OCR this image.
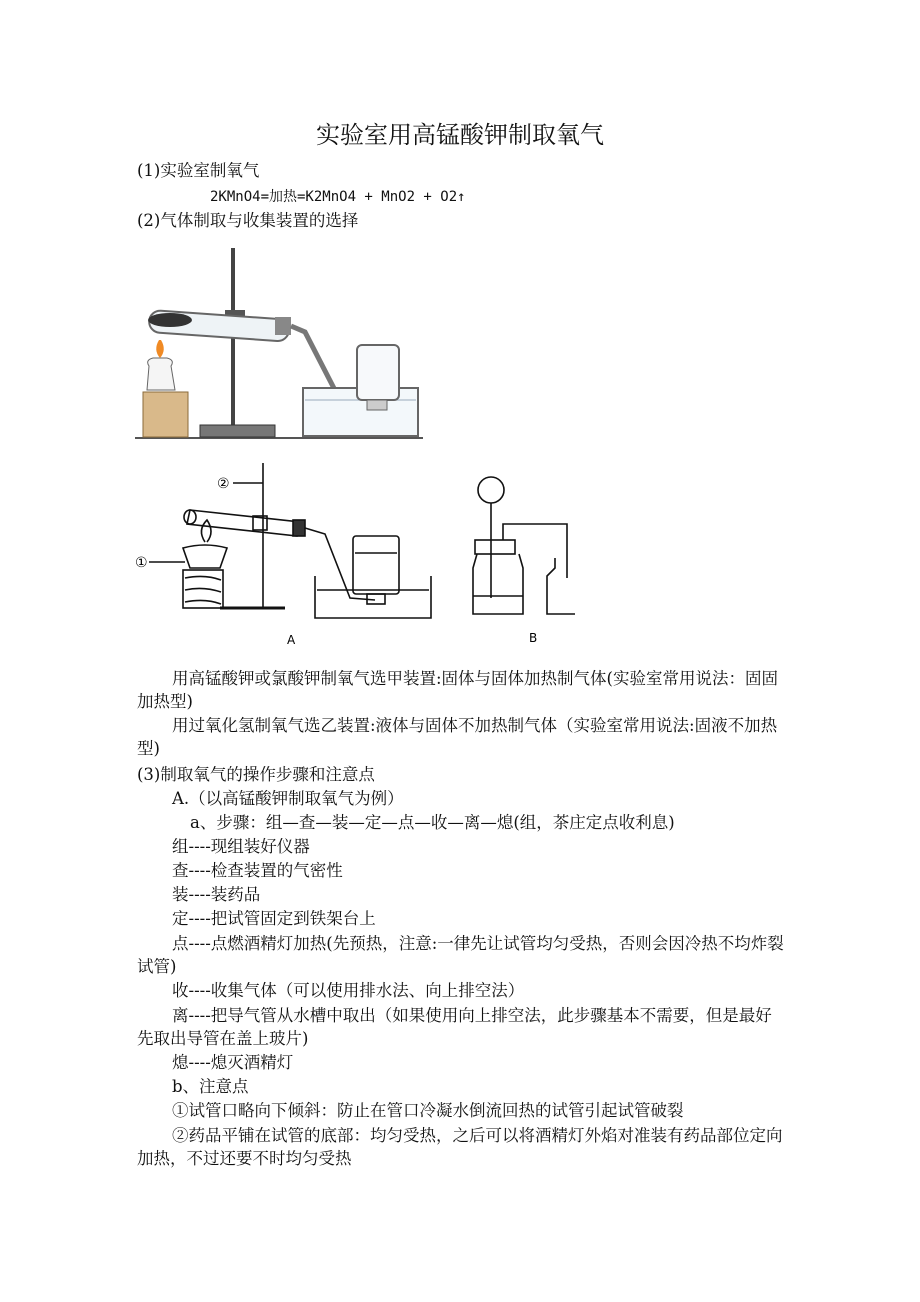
实验室用高锰酸钾制取氧气
(1)实验室制氧气
2KMnO4=加热=K2MnO4 + MnO2 + O2↑
(2)气体制取与收集装置的选择
①
②
A	B
用高锰酸钾或氯酸钾制氧气选甲装置:固体与固体加热制气体(实验室常用说法：固固加热型)
用过氧化氢制氧气选乙装置:液体与固体不加热制气体（实验室常用说法:固液不加热型)
(3)制取氧气的操作步骤和注意点
A.（以高锰酸钾制取氧气为例）
a、步骤：组—查—装—定—点—收—离—熄(组，茶庄定点收利息)
组----现组装好仪器
查----检查装置的气密性
装----装药品
定----把试管固定到铁架台上
点----点燃酒精灯加热(先预热，注意:一律先让试管均匀受热，否则会因冷热不均炸裂试管)
收----收集气体（可以使用排水法、向上排空法）
离----把导气管从水槽中取出（如果使用向上排空法，此步骤基本不需要，但是最好先取出导管在盖上玻片)
熄----熄灭酒精灯
b、注意点
①试管口略向下倾斜：防止在管口冷凝水倒流回热的试管引起试管破裂
②药品平铺在试管的底部：均匀受热，之后可以将酒精灯外焰对准装有药品部位定向加热，不过还要不时均匀受热
